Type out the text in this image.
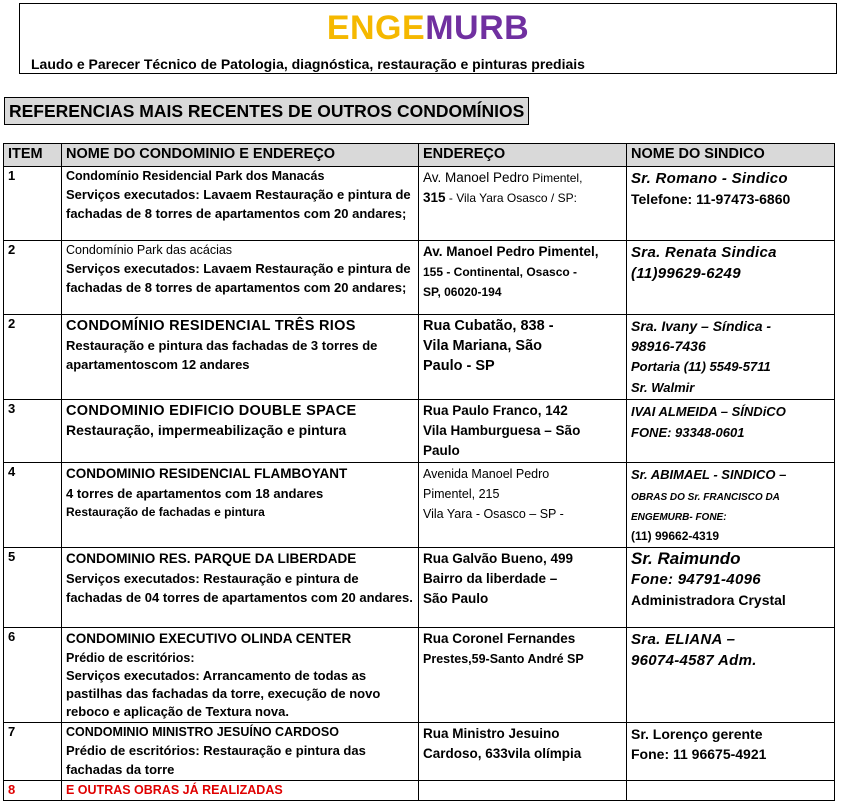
ENGEMURB
Laudo e Parecer Técnico de Patologia, diagnóstica, restauração e pinturas prediais
REFERENCIAS MAIS RECENTES DE OUTROS CONDOMÍNIOS
ITEM	NOME DO CONDOMINIO E ENDEREÇO	ENDEREÇO	NOME DO SINDICO
1	Condomínio Residencial Park dos Manacás
Serviços executados: Lavaem Restauração e pintura de fachadas de 8 torres de apartamentos com 20 andares;	Av. Manoel Pedro Pimentel,
315 - Vila Yara Osasco / SP:	Sr. Romano - Sindico
Telefone: 11-97473-6860
2	Condomínio Park das acácias
Serviços executados: Lavaem Restauração e pintura de fachadas de 8 torres de apartamentos com 20 andares;	Av. Manoel Pedro Pimentel,
155 - Continental, Osasco -
SP, 06020-194	Sra. Renata Sindica
(11)99629-6249
2	CONDOMÍNIO RESIDENCIAL TRÊS RIOS
Restauração e pintura das fachadas de 3 torres de apartamentoscom 12 andares	Rua Cubatão, 838 -
Vila Mariana, São
Paulo - SP	Sra. Ivany – Síndica -
98916-7436
Portaria (11) 5549-5711
Sr. Walmir
3	CONDOMINIO EDIFICIO DOUBLE SPACE
Restauração, impermeabilização e pintura	Rua Paulo Franco, 142
Vila Hamburguesa – São
Paulo	IVAI ALMEIDA – SÍNDiCO
FONE: 93348-0601
4	CONDOMINIO RESIDENCIAL FLAMBOYANT
4 torres de apartamentos com 18 andares
Restauração de fachadas e pintura	Avenida Manoel Pedro
Pimentel, 215
Vila Yara - Osasco – SP -	Sr. ABIMAEL - SINDICO –
OBRAS DO Sr. FRANCISCO DA
ENGEMURB- FONE:
(11) 99662-4319
5	CONDOMINIO RES. PARQUE DA LIBERDADE
Serviços executados: Restauração e pintura de fachadas de 04 torres de apartamentos com 20 andares.	Rua Galvão Bueno, 499
Bairro da liberdade –
São Paulo	Sr. Raimundo
Fone: 94791-4096
Administradora Crystal
6	CONDOMINIO EXECUTIVO OLINDA CENTER
Prédio de escritórios:
Serviços executados: Arrancamento de todas as pastilhas das fachadas da torre, execução de novo reboco e aplicação de Textura nova.	Rua Coronel Fernandes
Prestes,59-Santo André SP	Sra. ELIANA –
96074-4587 Adm.
7	CONDOMINIO MINISTRO JESUÍNO CARDOSO
Prédio de escritórios: Restauração e pintura das fachadas da torre	Rua Ministro Jesuino
Cardoso, 633vila olímpia	Sr. Lorenço gerente
Fone: 11 96675-4921
8	E OUTRAS OBRAS JÁ REALIZADAS		
